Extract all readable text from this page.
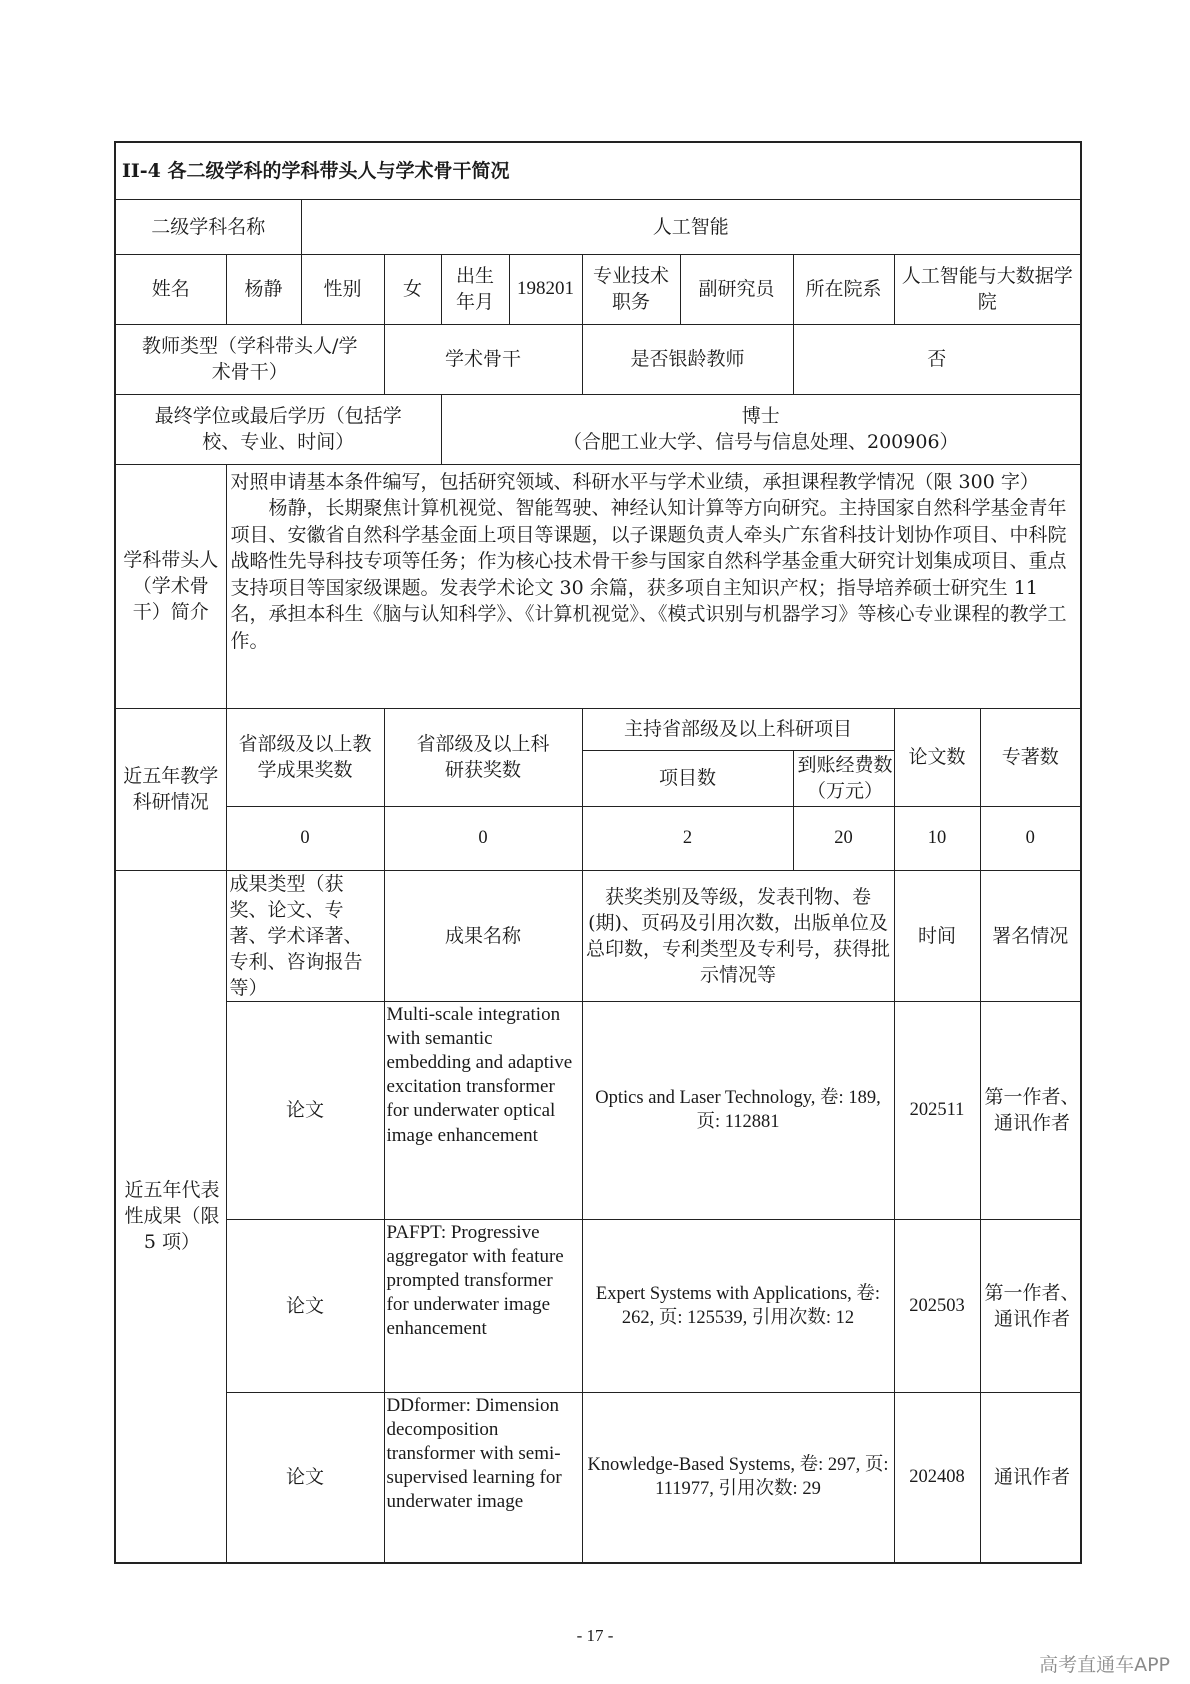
II-4 各二级学科的学科带头人与学术骨干简况										
二级学科名称		人工智能								
姓名	杨静	性别	女	出生年月	198201	专业技术职务	副研究员	所在院系	人工智能与大数据学院	
教师类型（学科带头人/学术骨干）			学术骨干			是否银龄教师		否		
最终学位或最后学历（包括学校、专业、时间）				博士
（合肥工业大学、信号与信息处理、200906）						

学科带头人（学术骨干）简介	对照申请基本条件编写，包括研究领域、科研水平与学术业绩，承担课程教学情况（限 300 字）

杨静，长期聚焦计算机视觉、智能驾驶、神经认知计算等方向研究。主持国家自然科学基金青年项目、安徽省自然科学基金面上项目等课题，以子课题负责人牵头广东省科技计划协作项目、中科院战略性先导科技专项等任务；作为核心技术骨干参与国家自然科学基金重大研究计划集成项目、重点支持项目等国家级课题。发表学术论文 30 余篇，获多项自主知识产权；指导培养硕士研究生 11 名，承担本科生《脑与认知科学》、《计算机视觉》、《模式识别与机器学习》等核心专业课程的教学工作。									

近五年教学科研情况	省部级及以上教学成果奖数		省部级及以上科研获奖数			主持省部级及以上科研项目			论文数	专著数
						项目数		到账经费数（万元）		
	0		0			2		20	10	0
近五年代表性成果（限 5 项）	成果类型（获奖、论文、专著、学术译著、专利、咨询报告等）		成果名称			获奖类别及等级，发表刊物、卷(期)、页码及引用次数，出版单位及总印数，专利类型及专利号，获得批示情况等			时间	署名情况
	论文		Multi-scale integration with semantic embedding and adaptive excitation transformer for underwater optical image enhancement			Optics and Laser Technology, 卷: 189, 页: 112881			202511	第一作者、通讯作者
	论文		PAFPT: Progressive aggregator with feature prompted transformer for underwater image enhancement			Expert Systems with Applications, 卷: 262, 页: 125539, 引用次数: 12			202503	第一作者、通讯作者
	论文		DDformer: Dimension decomposition transformer with semi-supervised learning for underwater image			Knowledge-Based Systems, 卷: 297, 页: 111977, 引用次数: 29			202408	通讯作者
- 17 -
高考直通车APP
